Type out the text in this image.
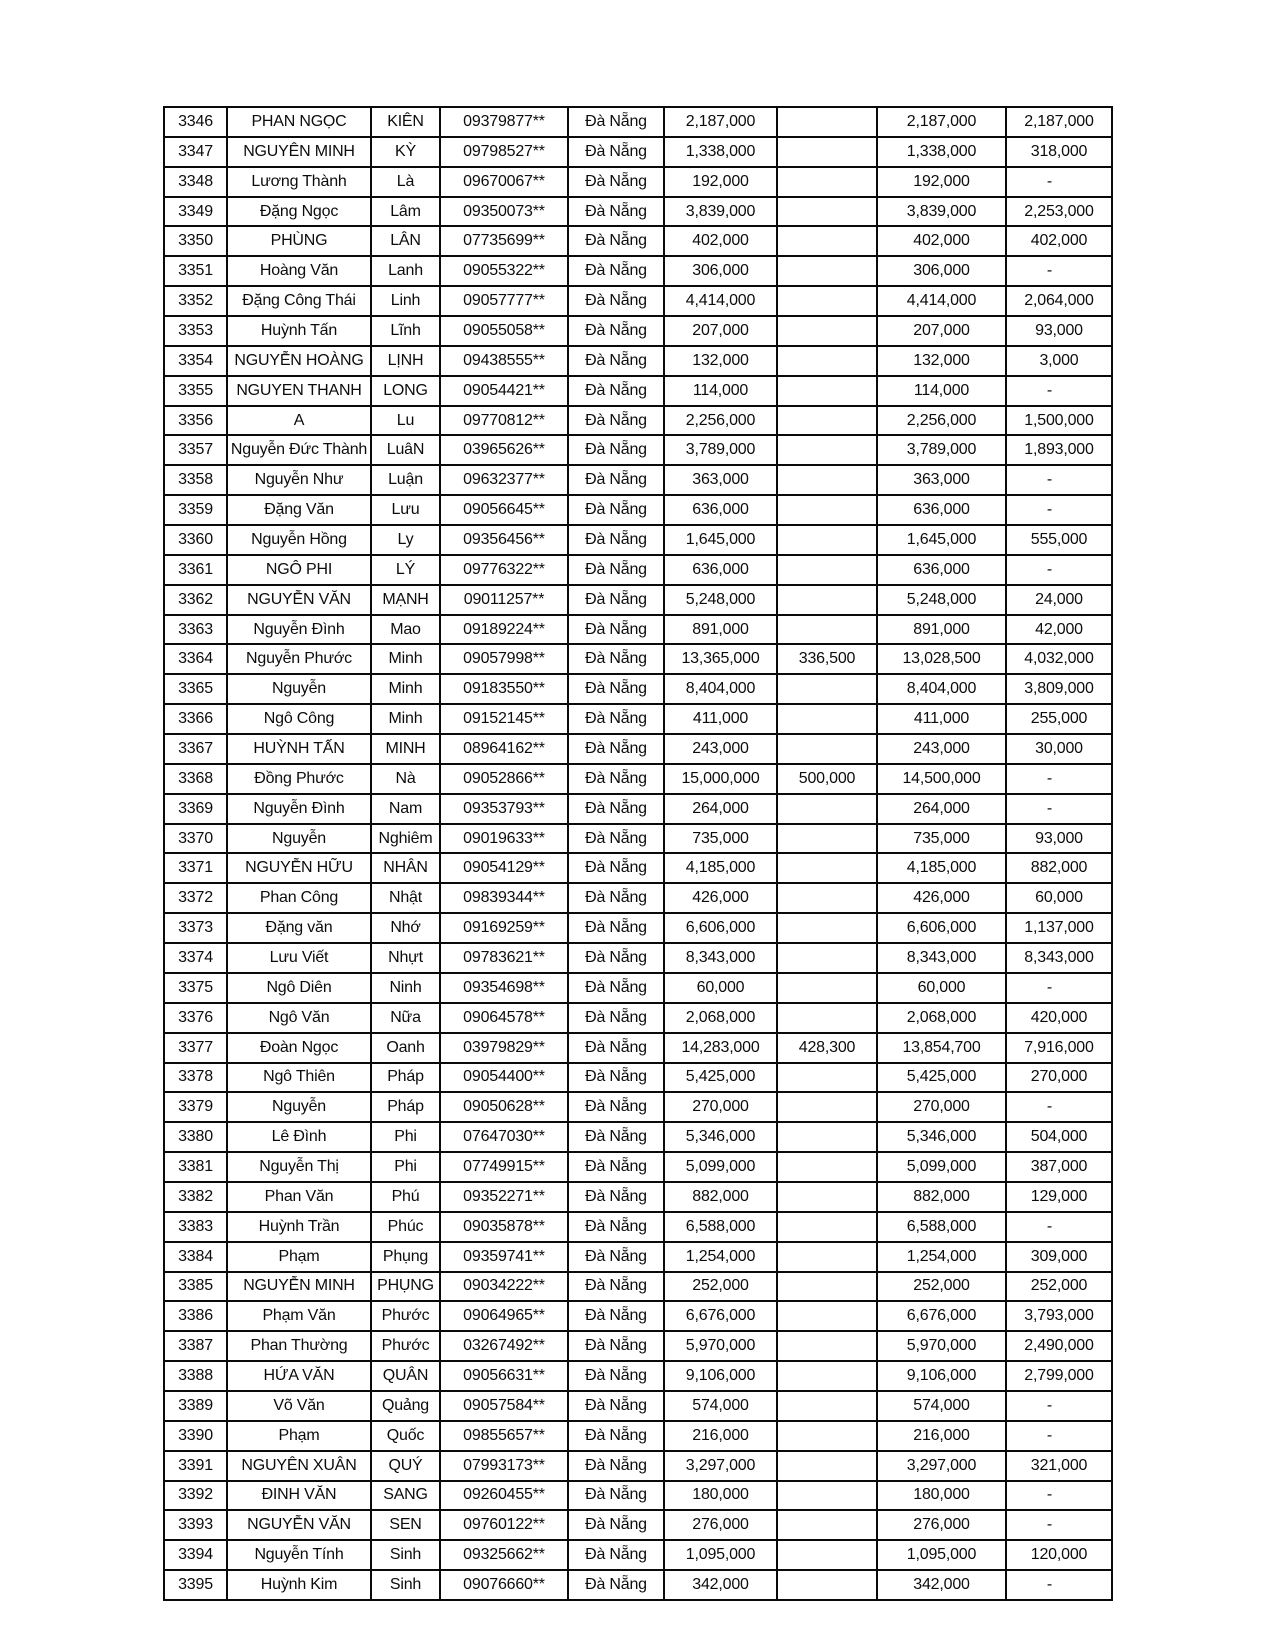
3346	PHAN NGỌC	KIÊN	09379877**	Đà Nẵng	2,187,000		2,187,000	2,187,000
3347	NGUYÊN MINH	KỲ	09798527**	Đà Nẵng	1,338,000		1,338,000	318,000
3348	Lương Thành	Là	09670067**	Đà Nẵng	192,000		192,000	-
3349	Đặng Ngọc	Lâm	09350073**	Đà Nẵng	3,839,000		3,839,000	2,253,000
3350	PHÙNG	LÂN	07735699**	Đà Nẵng	402,000		402,000	402,000
3351	Hoàng Văn	Lanh	09055322**	Đà Nẵng	306,000		306,000	-
3352	Đặng Công Thái	Linh	09057777**	Đà Nẵng	4,414,000		4,414,000	2,064,000
3353	Huỳnh Tấn	Lĩnh	09055058**	Đà Nẵng	207,000		207,000	93,000
3354	NGUYỄN HOÀNG	LỊNH	09438555**	Đà Nẵng	132,000		132,000	3,000
3355	NGUYEN THANH	LONG	09054421**	Đà Nẵng	114,000		114,000	-
3356	A	Lu	09770812**	Đà Nẵng	2,256,000		2,256,000	1,500,000
3357	Nguyễn Đức Thành	LuâN	03965626**	Đà Nẵng	3,789,000		3,789,000	1,893,000
3358	Nguyễn Như	Luận	09632377**	Đà Nẵng	363,000		363,000	-
3359	Đặng Văn	Lưu	09056645**	Đà Nẵng	636,000		636,000	-
3360	Nguyễn Hồng	Ly	09356456**	Đà Nẵng	1,645,000		1,645,000	555,000
3361	NGÔ PHI	LÝ	09776322**	Đà Nẵng	636,000		636,000	-
3362	NGUYỄN VĂN	MẠNH	09011257**	Đà Nẵng	5,248,000		5,248,000	24,000
3363	Nguyễn Đình	Mao	09189224**	Đà Nẵng	891,000		891,000	42,000
3364	Nguyễn Phước	Minh	09057998**	Đà Nẵng	13,365,000	336,500	13,028,500	4,032,000
3365	Nguyễn	Minh	09183550**	Đà Nẵng	8,404,000		8,404,000	3,809,000
3366	Ngô Công	Minh	09152145**	Đà Nẵng	411,000		411,000	255,000
3367	HUỲNH TẤN	MINH	08964162**	Đà Nẵng	243,000		243,000	30,000
3368	Đồng Phước	Nà	09052866**	Đà Nẵng	15,000,000	500,000	14,500,000	-
3369	Nguyễn Đình	Nam	09353793**	Đà Nẵng	264,000		264,000	-
3370	Nguyễn	Nghiêm	09019633**	Đà Nẵng	735,000		735,000	93,000
3371	NGUYỄN HỮU	NHÂN	09054129**	Đà Nẵng	4,185,000		4,185,000	882,000
3372	Phan Công	Nhật	09839344**	Đà Nẵng	426,000		426,000	60,000
3373	Đặng văn	Nhớ	09169259**	Đà Nẵng	6,606,000		6,606,000	1,137,000
3374	Lưu Viết	Nhựt	09783621**	Đà Nẵng	8,343,000		8,343,000	8,343,000
3375	Ngô Diên	Ninh	09354698**	Đà Nẵng	60,000		60,000	-
3376	Ngô Văn	Nữa	09064578**	Đà Nẵng	2,068,000		2,068,000	420,000
3377	Đoàn Ngọc	Oanh	03979829**	Đà Nẵng	14,283,000	428,300	13,854,700	7,916,000
3378	Ngô Thiên	Pháp	09054400**	Đà Nẵng	5,425,000		5,425,000	270,000
3379	Nguyễn	Pháp	09050628**	Đà Nẵng	270,000		270,000	-
3380	Lê Đình	Phi	07647030**	Đà Nẵng	5,346,000		5,346,000	504,000
3381	Nguyễn Thị	Phi	07749915**	Đà Nẵng	5,099,000		5,099,000	387,000
3382	Phan Văn	Phú	09352271**	Đà Nẵng	882,000		882,000	129,000
3383	Huỳnh Trần	Phúc	09035878**	Đà Nẵng	6,588,000		6,588,000	-
3384	Phạm	Phụng	09359741**	Đà Nẵng	1,254,000		1,254,000	309,000
3385	NGUYỄN MINH	PHỤNG	09034222**	Đà Nẵng	252,000		252,000	252,000
3386	Phạm Văn	Phước	09064965**	Đà Nẵng	6,676,000		6,676,000	3,793,000
3387	Phan Thường	Phước	03267492**	Đà Nẵng	5,970,000		5,970,000	2,490,000
3388	HỨA VĂN	QUÂN	09056631**	Đà Nẵng	9,106,000		9,106,000	2,799,000
3389	Võ Văn	Quảng	09057584**	Đà Nẵng	574,000		574,000	-
3390	Phạm	Quốc	09855657**	Đà Nẵng	216,000		216,000	-
3391	NGUYÊN XUÂN	QUÝ	07993173**	Đà Nẵng	3,297,000		3,297,000	321,000
3392	ĐINH VĂN	SANG	09260455**	Đà Nẵng	180,000		180,000	-
3393	NGUYỄN VĂN	SEN	09760122**	Đà Nẵng	276,000		276,000	-
3394	Nguyễn Tính	Sinh	09325662**	Đà Nẵng	1,095,000		1,095,000	120,000
3395	Huỳnh Kim	Sinh	09076660**	Đà Nẵng	342,000		342,000	-
